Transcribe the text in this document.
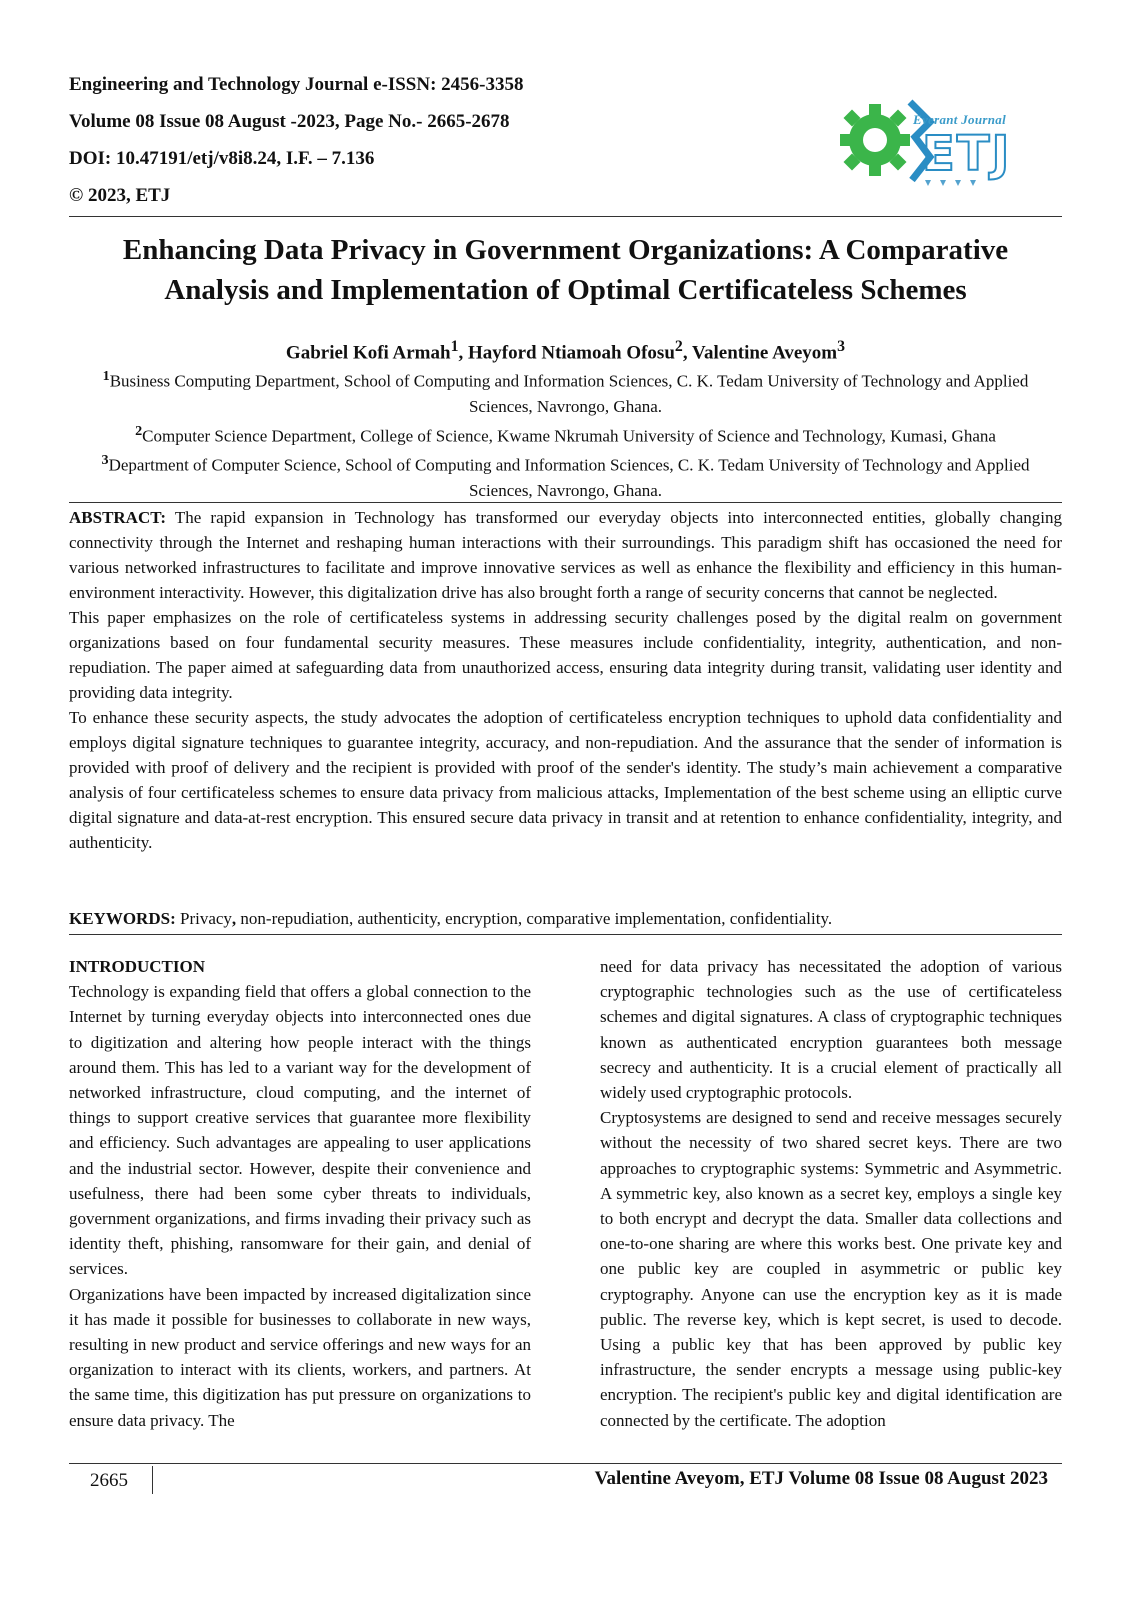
Engineering and Technology Journal e-ISSN: 2456-3358
Volume 08 Issue 08 August -2023, Page No.- 2665-2678
DOI: 10.47191/etj/v8i8.24, I.F. – 7.136
© 2023, ETJ
Everant Journal
ETJ
Enhancing Data Privacy in Government Organizations: A Comparative
Analysis and Implementation of Optimal Certificateless Schemes
Gabriel Kofi Armah$^1$, Hayford Ntiamoah Ofosu$^2$, Valentine Aveyom$^3$

$^1$Business Computing Department, School of Computing and Information Sciences, C. K. Tedam University of Technology and Applied Sciences, Navrongo, Ghana.

$^2$Computer Science Department, College of Science, Kwame Nkrumah University of Science and Technology, Kumasi, Ghana

$^3$Department of Computer Science, School of Computing and Information Sciences, C. K. Tedam University of Technology and Applied Sciences, Navrongo, Ghana.

ABSTRACT: The rapid expansion in Technology has transformed our everyday objects into interconnected entities, globally changing connectivity through the Internet and reshaping human interactions with their surroundings. This paradigm shift has occasioned the need for various networked infrastructures to facilitate and improve innovative services as well as enhance the flexibility and efficiency in this human- environment interactivity. However, this digitalization drive has also brought forth a range of security concerns that cannot be neglected.

This paper emphasizes on the role of certificateless systems in addressing security challenges posed by the digital realm on government organizations based on four fundamental security measures. These measures include confidentiality, integrity, authentication, and non-repudiation. The paper aimed at safeguarding data from unauthorized access, ensuring data integrity during transit, validating user identity and providing data integrity.

To enhance these security aspects, the study advocates the adoption of certificateless encryption techniques to uphold data confidentiality and employs digital signature techniques to guarantee integrity, accuracy, and non-repudiation. And the assurance that the sender of information is provided with proof of delivery and the recipient is provided with proof of the sender's identity. The study’s main achievement a comparative analysis of four certificateless schemes to ensure data privacy from malicious attacks, Implementation of the best scheme using an elliptic curve digital signature and data-at-rest encryption. This ensured secure data privacy in transit and at retention to enhance confidentiality, integrity, and authenticity.

KEYWORDS: Privacy, non-repudiation, authenticity, encryption, comparative implementation, confidentiality.

INTRODUCTION

Technology is expanding field that offers a global connection to the Internet by turning everyday objects into interconnected ones due to digitization and altering how people interact with the things around them. This has led to a variant way for the development of networked infrastructure, cloud computing, and the internet of things to support creative services that guarantee more flexibility and efficiency. Such advantages are appealing to user applications and the industrial sector. However, despite their convenience and usefulness, there had been some cyber threats to individuals, government organizations, and firms invading their privacy such as identity theft, phishing, ransomware for their gain, and denial of services.

Organizations have been impacted by increased digitalization since it has made it possible for businesses to collaborate in new ways, resulting in new product and service offerings and new ways for an organization to interact with its clients, workers, and partners. At the same time, this digitization has put pressure on organizations to ensure data privacy. The

need for data privacy has necessitated the adoption of various cryptographic technologies such as the use of certificateless schemes and digital signatures. A class of cryptographic techniques known as authenticated encryption guarantees both message secrecy and authenticity. It is a crucial element of practically all widely used cryptographic protocols.

Cryptosystems are designed to send and receive messages securely without the necessity of two shared secret keys. There are two approaches to cryptographic systems: Symmetric and Asymmetric. A symmetric key, also known as a secret key, employs a single key to both encrypt and decrypt the data. Smaller data collections and one-to-one sharing are where this works best. One private key and one public key are coupled in asymmetric or public key cryptography. Anyone can use the encryption key as it is made public. The reverse key, which is kept secret, is used to decode. Using a public key that has been approved by public key infrastructure, the sender encrypts a message using public-key encryption. The recipient's public key and digital identification are connected by the certificate. The adoption

2665	Valentine Aveyom, ETJ Volume 08 Issue 08 August 2023
